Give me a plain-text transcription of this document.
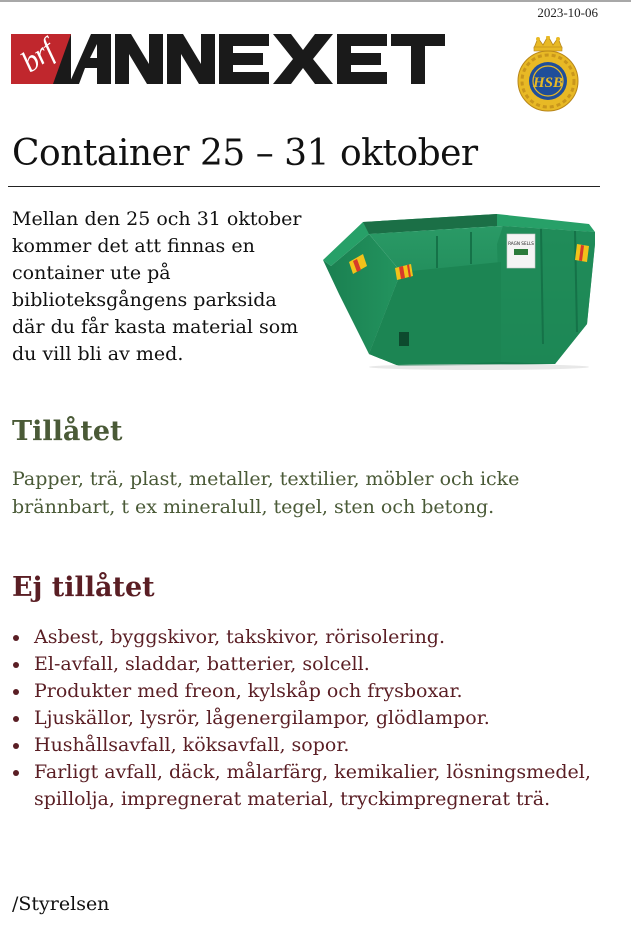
2023-10-06
brf
HSB
Container 25 – 31 oktober

Mellan den 25 och 31 oktober kommer det att finnas en container ute på biblioteksgångens parksida där du får kasta material som du vill bli av med.

RAGN SELLS
Tillåtet

Papper, trä, plast, metaller, textilier, möbler och icke brännbart, t ex mineralull, tegel, sten och betong.

Ej tillåtet
Asbest, byggskivor, takskivor, rörisolering.
El-avfall, sladdar, batterier, solcell.
Produkter med freon, kylskåp och frysboxar.
Ljuskällor, lysrör, lågenergilampor, glödlampor.
Hushållsavfall, köksavfall, sopor.
Farligt avfall, däck, målarfärg, kemikalier, lösningsmedel, spillolja, impregnerat material, tryckimpregnerat trä.

/Styrelsen
